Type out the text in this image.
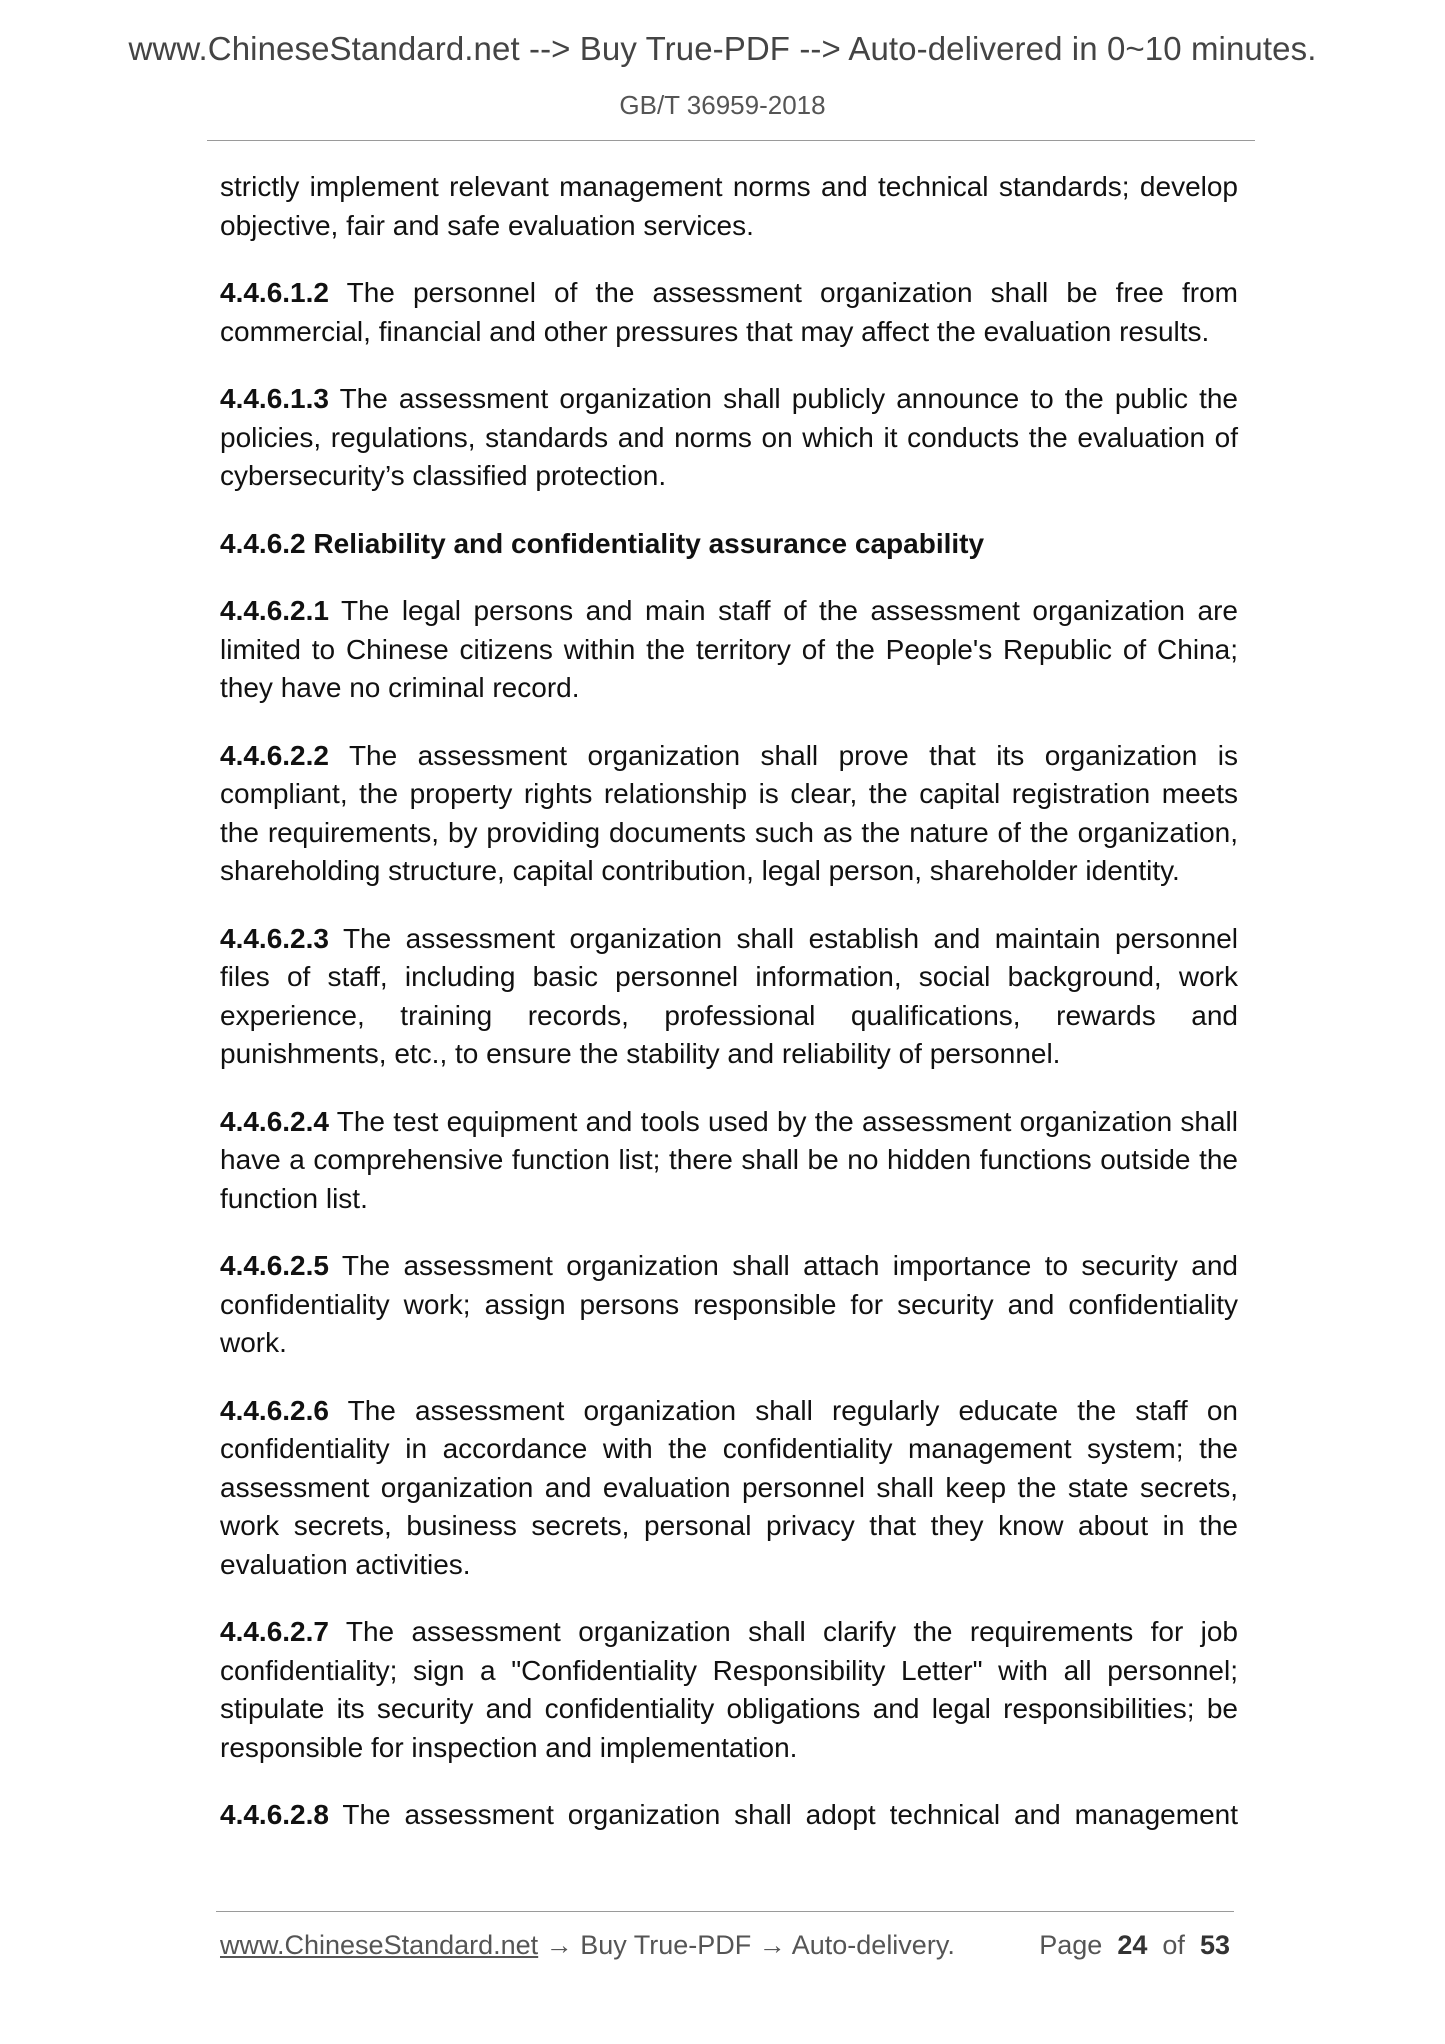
www.ChineseStandard.net --> Buy True-PDF --> Auto-delivered in 0~10 minutes.
GB/T 36959-2018

strictly implement relevant management norms and technical standards; develop objective, fair and safe evaluation services.

4.4.6.1.2 The personnel of the assessment organization shall be free from commercial, financial and other pressures that may affect the evaluation results.

4.4.6.1.3 The assessment organization shall publicly announce to the public the policies, regulations, standards and norms on which it conducts the evaluation of cybersecurity’s classified protection.

4.4.6.2 Reliability and confidentiality assurance capability

4.4.6.2.1 The legal persons and main staff of the assessment organization are limited to Chinese citizens within the territory of the People's Republic of China; they have no criminal record.

4.4.6.2.2 The assessment organization shall prove that its organization is compliant, the property rights relationship is clear, the capital registration meets the requirements, by providing documents such as the nature of the organization, shareholding structure, capital contribution, legal person, shareholder identity.

4.4.6.2.3 The assessment organization shall establish and maintain personnel files of staff, including basic personnel information, social background, work experience, training records, professional qualifications, rewards and punishments, etc., to ensure the stability and reliability of personnel.

4.4.6.2.4 The test equipment and tools used by the assessment organization shall have a comprehensive function list; there shall be no hidden functions outside the function list.

4.4.6.2.5 The assessment organization shall attach importance to security and confidentiality work; assign persons responsible for security and confidentiality work.

4.4.6.2.6 The assessment organization shall regularly educate the staff on confidentiality in accordance with the confidentiality management system; the assessment organization and evaluation personnel shall keep the state secrets, work secrets, business secrets, personal privacy that they know about in the evaluation activities.

4.4.6.2.7 The assessment organization shall clarify the requirements for job confidentiality; sign a "Confidentiality Responsibility Letter" with all personnel; stipulate its security and confidentiality obligations and legal responsibilities; be responsible for inspection and implementation.

4.4.6.2.8 The assessment organization shall adopt technical and management

www.ChineseStandard.net → Buy True-PDF → Auto-delivery.	Page 24 of 53
